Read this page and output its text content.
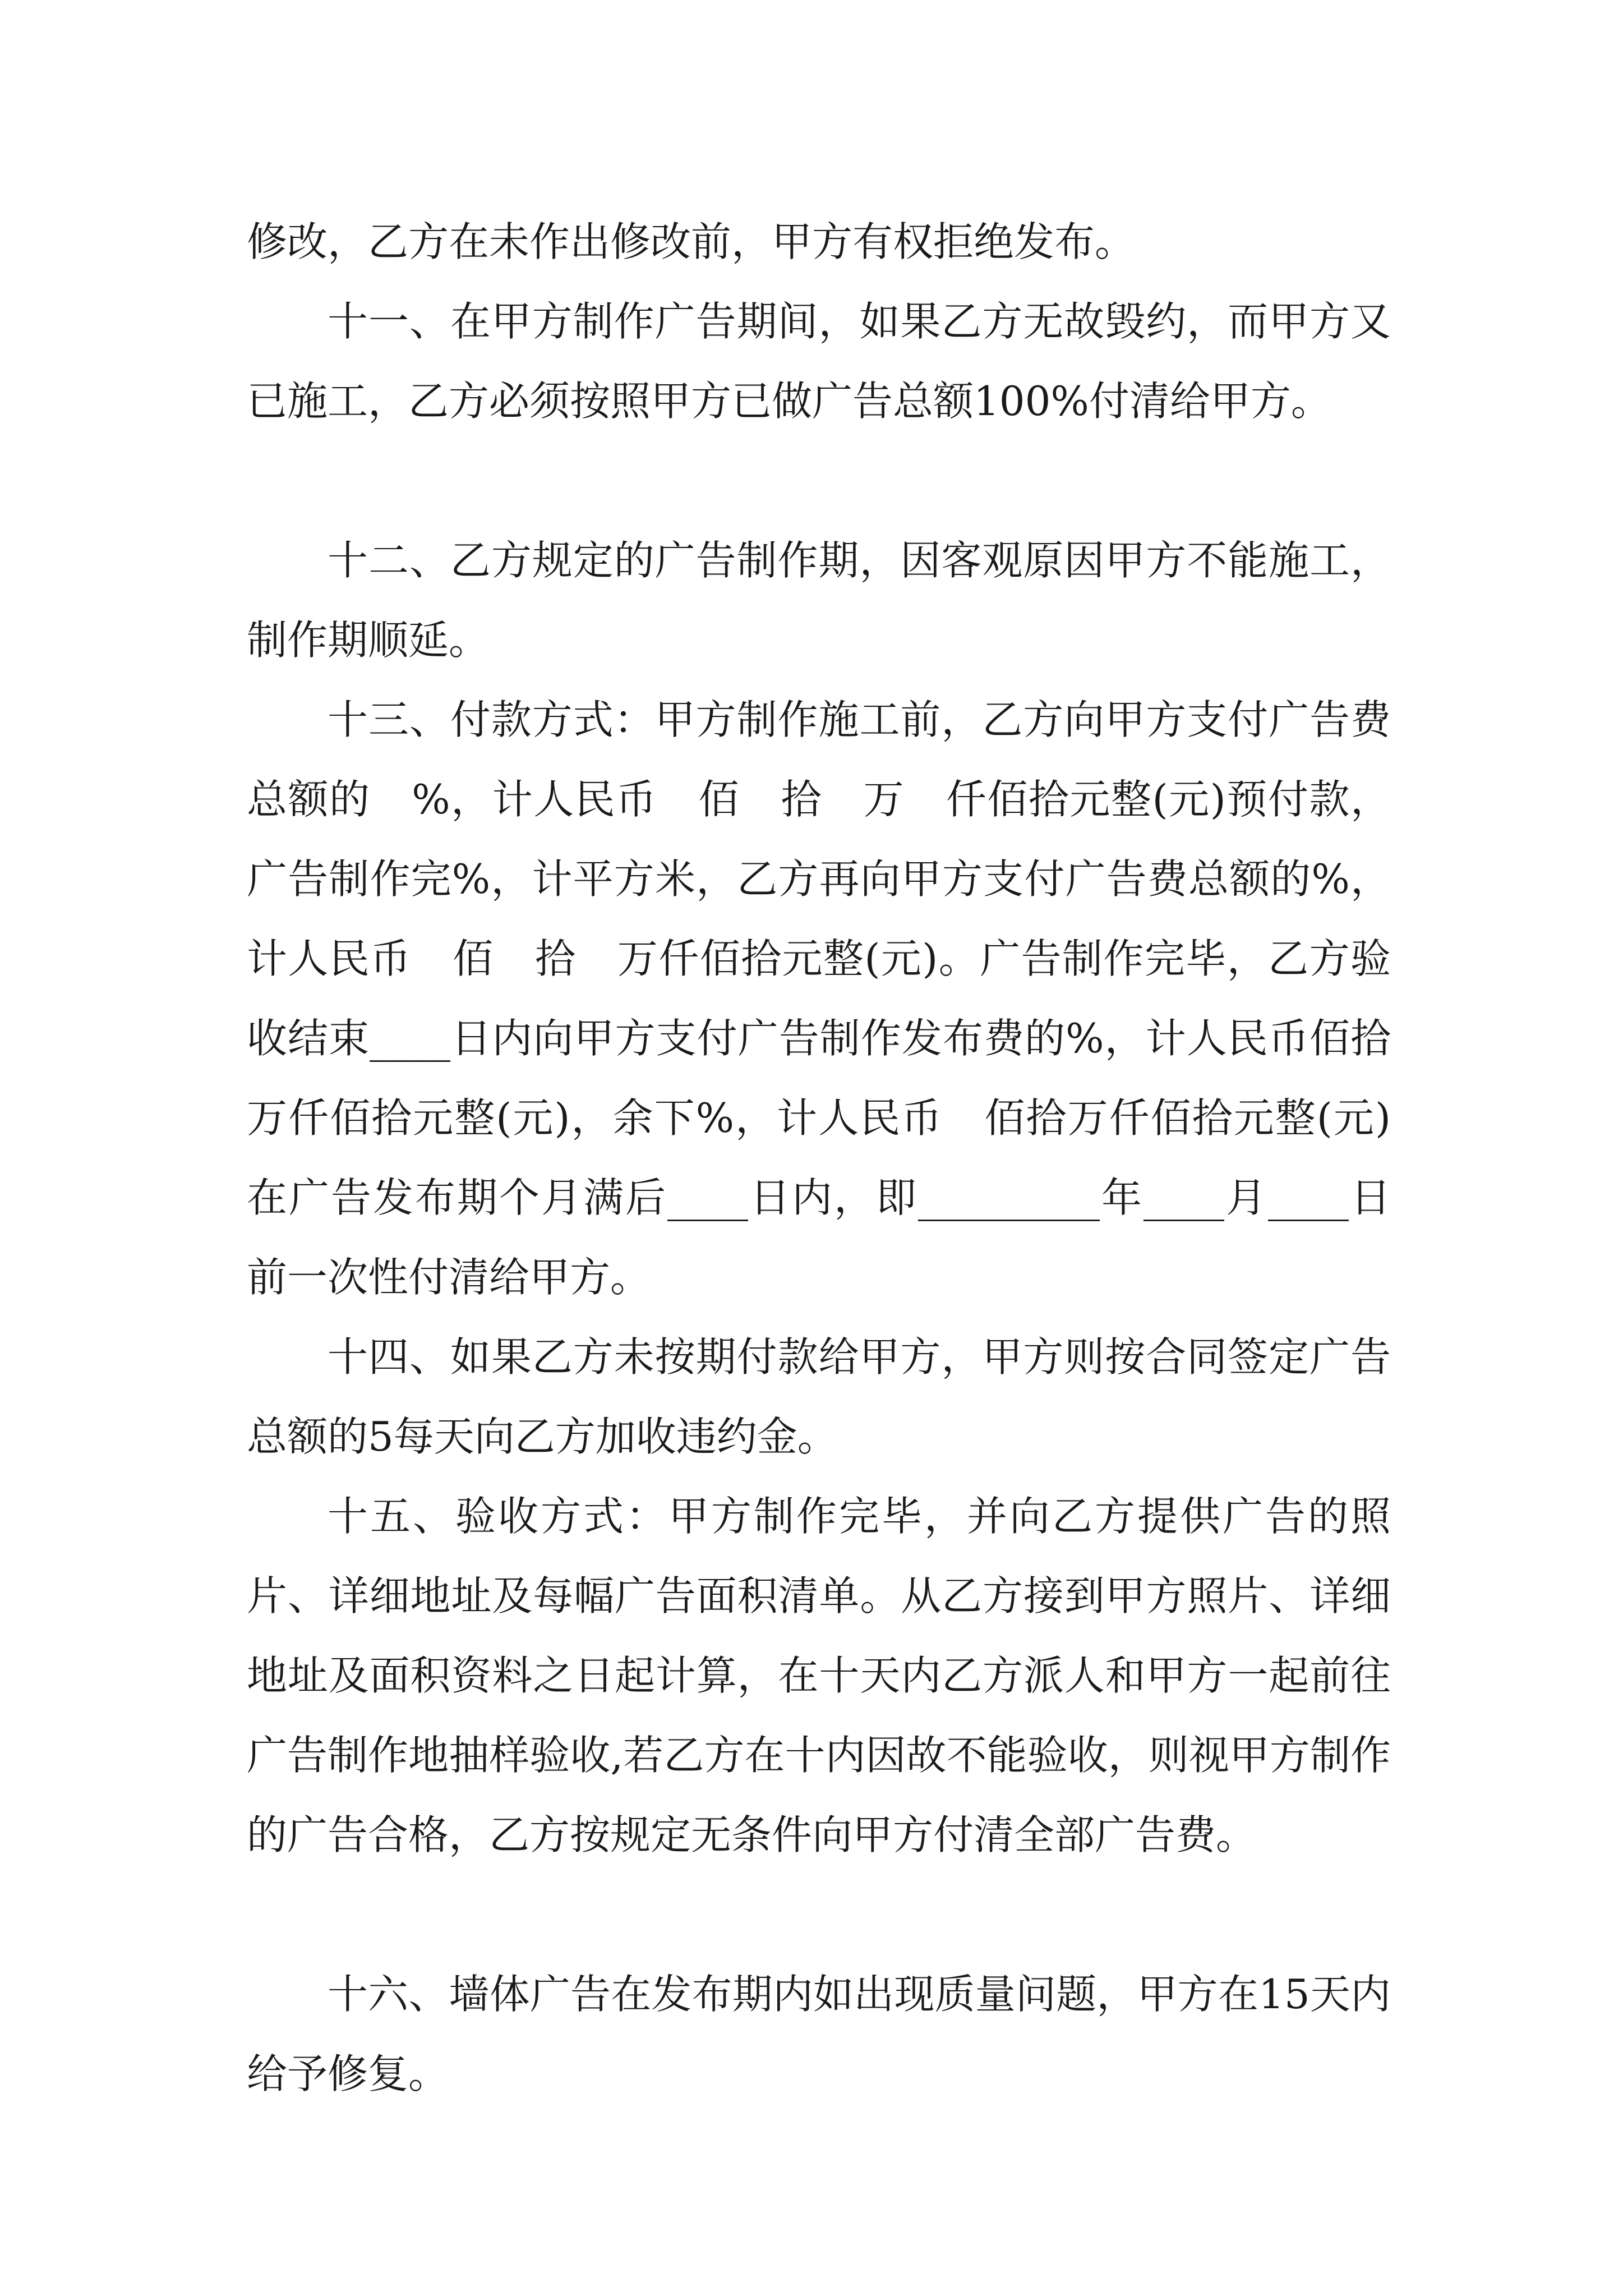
修改，乙方在未作出修改前，甲方有权拒绝发布。

十一、在甲方制作广告期间，如果乙方无故毁约，而甲方又已施工，乙方必须按照甲方已做广告总额100%付清给甲方。

十二、乙方规定的广告制作期，因客观原因甲方不能施工，制作期顺延。

十三、付款方式：甲方制作施工前，乙方向甲方支付广告费总额的　%，计人民币　佰　拾　万　仟佰拾元整(元)预付款，广告制作完%，计平方米，乙方再向甲方支付广告费总额的%，计人民币　佰　拾　万仟佰拾元整(元)。广告制作完毕，乙方验收结束____日内向甲方支付广告制作发布费的%，计人民币佰拾万仟佰拾元整(元)，余下%，计人民币　佰拾万仟佰拾元整(元)在广告发布期个月满后____日内，即_________年____月____日前一次性付清给甲方。

十四、如果乙方未按期付款给甲方，甲方则按合同签定广告总额的5每天向乙方加收违约金。

十五、验收方式：甲方制作完毕，并向乙方提供广告的照片、详细地址及每幅广告面积清单。从乙方接到甲方照片、详细地址及面积资料之日起计算，在十天内乙方派人和甲方一起前往广告制作地抽样验收,若乙方在十内因故不能验收，则视甲方制作的广告合格，乙方按规定无条件向甲方付清全部广告费。

十六、墙体广告在发布期内如出现质量问题，甲方在15天内给予修复。
